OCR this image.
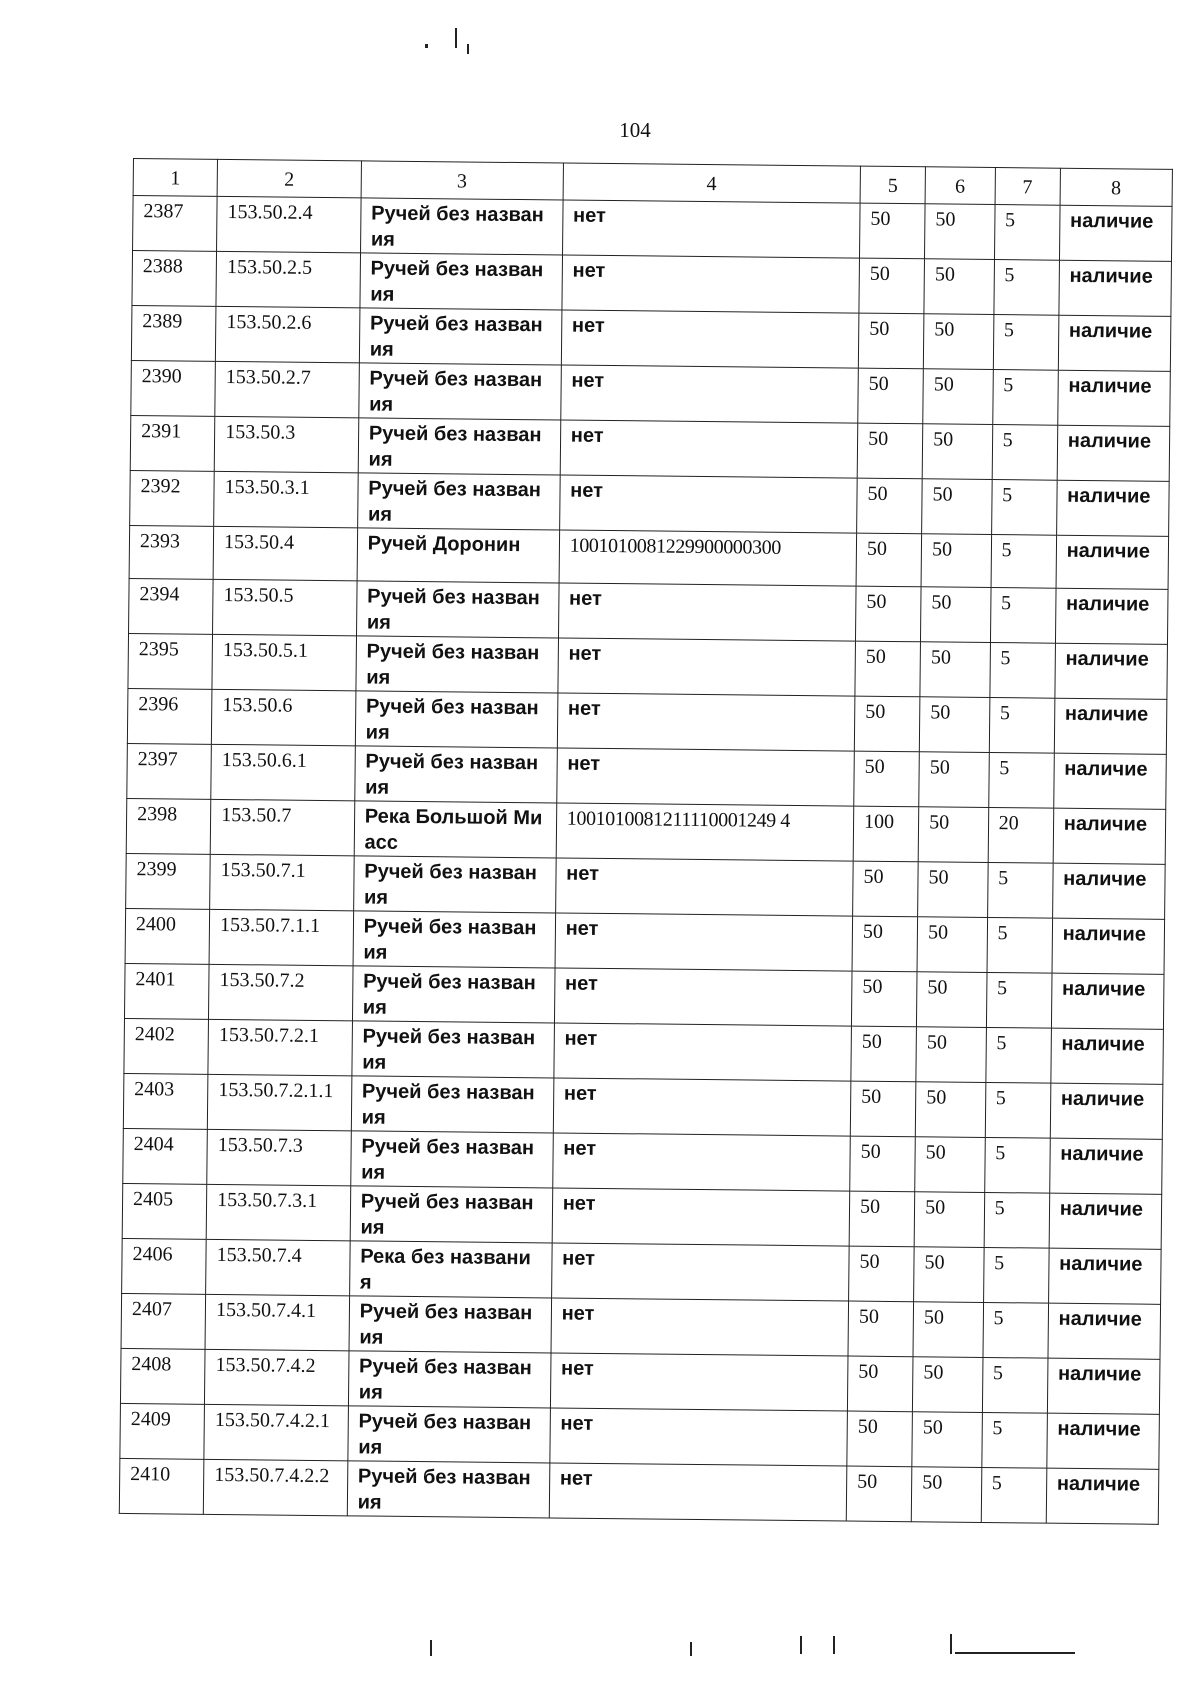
104
1	2	3	4	5	6	7	8
2387	153.50.2.4	Ручей без названия	нет	50	50	5	наличие
2388	153.50.2.5	Ручей без названия	нет	50	50	5	наличие
2389	153.50.2.6	Ручей без названия	нет	50	50	5	наличие
2390	153.50.2.7	Ручей без названия	нет	50	50	5	наличие
2391	153.50.3	Ручей без названия	нет	50	50	5	наличие
2392	153.50.3.1	Ручей без названия	нет	50	50	5	наличие
2393	153.50.4	Ручей Доронин	1001010081229900000300	50	50	5	наличие
2394	153.50.5	Ручей без названия	нет	50	50	5	наличие
2395	153.50.5.1	Ручей без названия	нет	50	50	5	наличие
2396	153.50.6	Ручей без названия	нет	50	50	5	наличие
2397	153.50.6.1	Ручей без названия	нет	50	50	5	наличие
2398	153.50.7	Река Большой Миасс	1001010081211110001249 4	100	50	20	наличие
2399	153.50.7.1	Ручей без названия	нет	50	50	5	наличие
2400	153.50.7.1.1	Ручей без названия	нет	50	50	5	наличие
2401	153.50.7.2	Ручей без названия	нет	50	50	5	наличие
2402	153.50.7.2.1	Ручей без названия	нет	50	50	5	наличие
2403	153.50.7.2.1.1	Ручей без названия	нет	50	50	5	наличие
2404	153.50.7.3	Ручей без названия	нет	50	50	5	наличие
2405	153.50.7.3.1	Ручей без названия	нет	50	50	5	наличие
2406	153.50.7.4	Река без названия	нет	50	50	5	наличие
2407	153.50.7.4.1	Ручей без названия	нет	50	50	5	наличие
2408	153.50.7.4.2	Ручей без названия	нет	50	50	5	наличие
2409	153.50.7.4.2.1	Ручей без названия	нет	50	50	5	наличие
2410	153.50.7.4.2.2	Ручей без названия	нет	50	50	5	наличие
